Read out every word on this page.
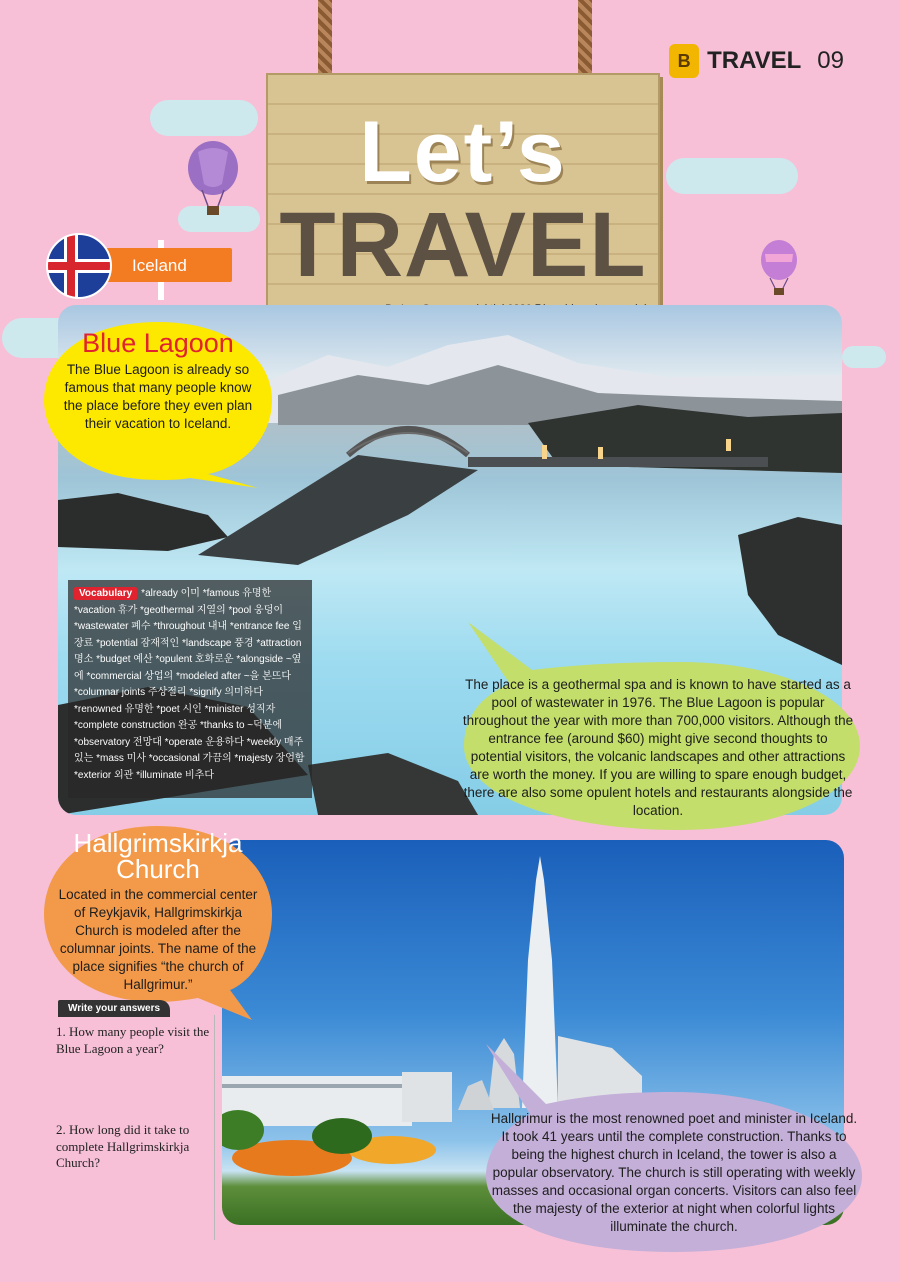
B TRAVEL 09
Let’s
TRAVEL
Iceland
Vocabulary *already 이미 *famous 유명한 *vacation 휴가 *geothermal 지열의 *pool 웅덩이 *wastewater 폐수 *throughout 내내 *entrance fee 입장료 *potential 잠재적인 *landscape 풍경 *attraction 명소 *budget 예산 *opulent 호화로운 *alongside ~옆에 *commercial 상업의 *modeled after ~을 본뜨다 *columnar joints 주상절리 *signify 의미하다 *renowned 유명한 *poet 시인 *minister 성직자 *complete construction 완공 *thanks to ~덕분에 *observatory 전망대 *operate 운용하다 *weekly 매주 있는 *mass 미사 *occasional 가끔의 *majesty 장엄함 *exterior 외관 *illuminate 비추다
Blue Lagoon
The Blue Lagoon is already so famous that many people know the place before they even plan their vacation to Iceland.
The place is a geothermal spa and is known to have started as a pool of wastewater in 1976. The Blue Lagoon is popular throughout the year with more than 700,000 visitors. Although the entrance fee (around $60) might give second thoughts to potential visitors, the volcanic landscapes and other attractions are worth the money. If you are willing to spare enough budget, there are also some opulent hotels and restaurants alongside the location.
Hallgrimskirkja
Church
Located in the commercial center of Reykjavik, Hallgrimskirkja Church is modeled after the columnar joints. The name of the place signifies “the church of Hallgrimur.”
Hallgrimur is the most renowned poet and minister in Iceland. It took 41 years until the complete construction. Thanks to being the highest church in Iceland, the tower is also a popular observatory. The church is still operating with weekly masses and occasional organ concerts. Visitors can also feel the majesty of the exterior at night when colorful lights illuminate the church.
Write your answers
1. How many people visit the Blue Lagoon a year?
2. How long did it take to complete Hallgrimskirkja Church?
